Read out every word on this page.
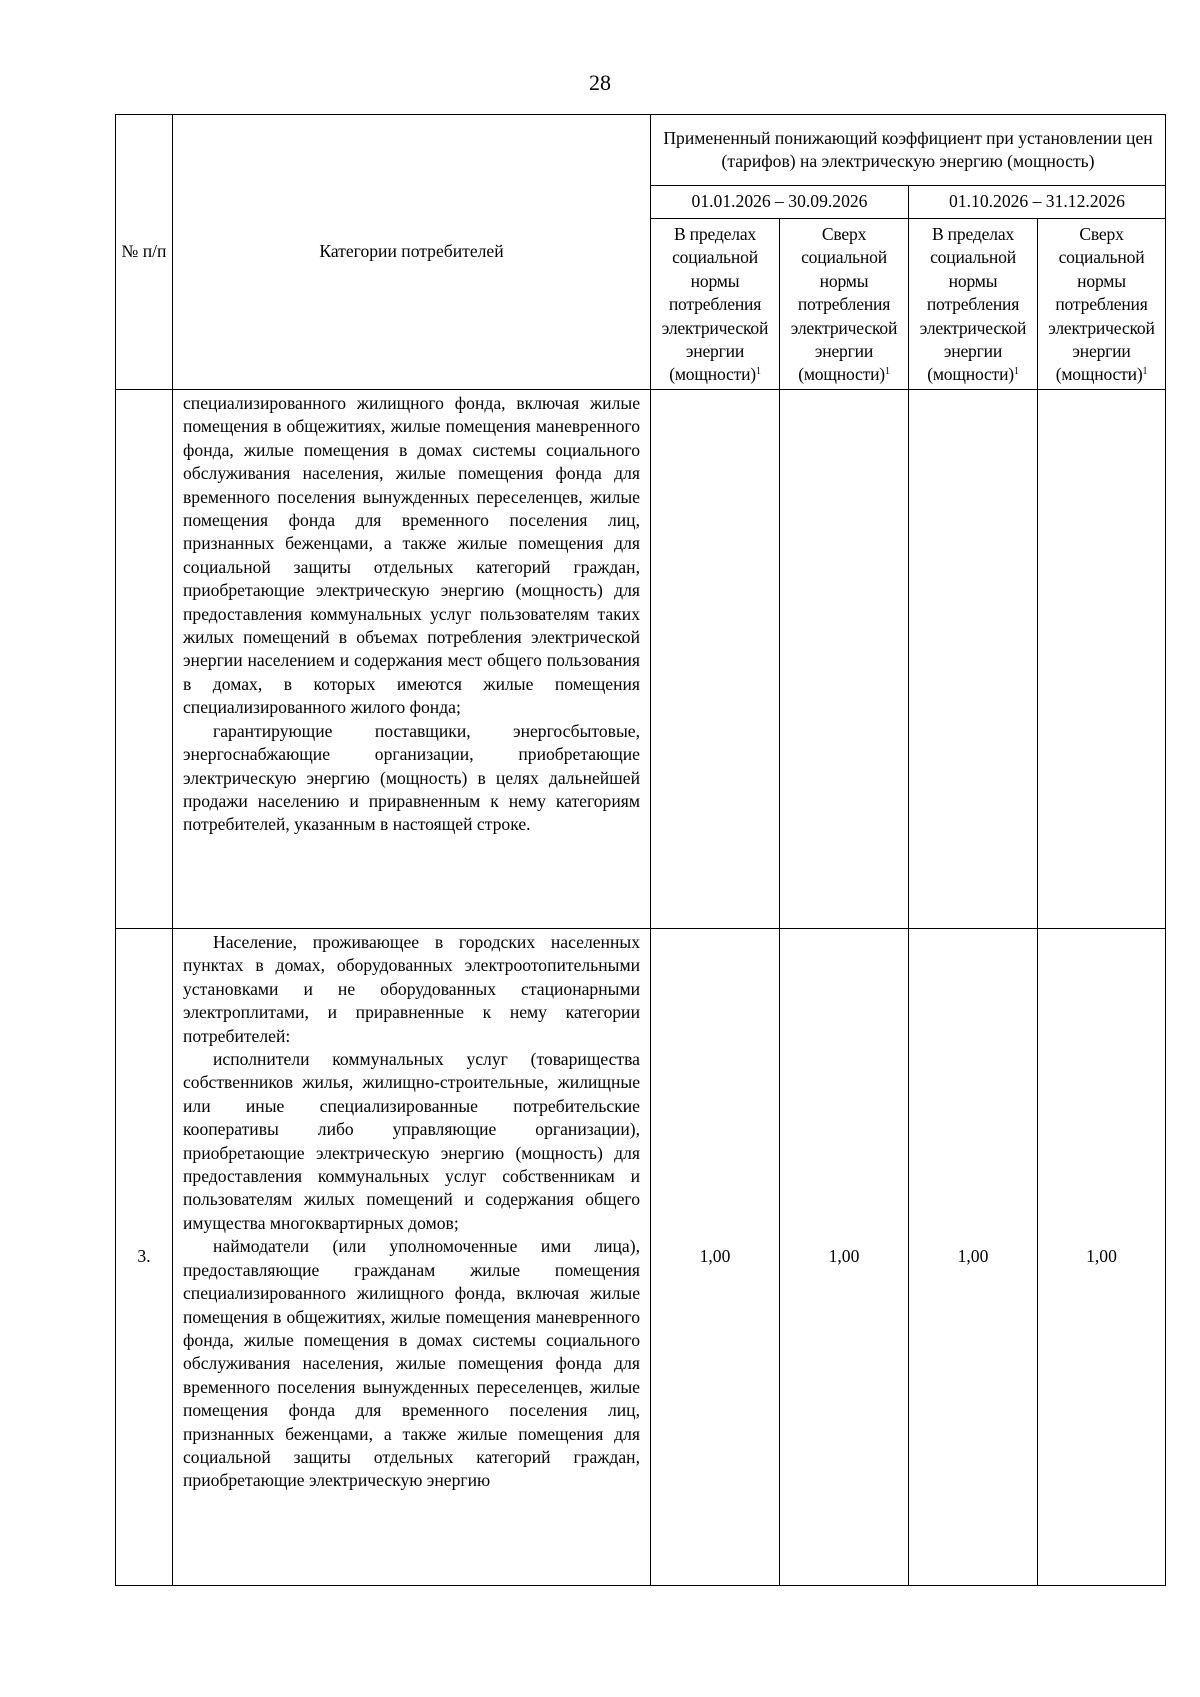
28
№ п/п	Категории потребителей	Примененный понижающий коэффициент при установлении цен (тарифов) на электрическую энергию (мощность)			
		01.01.2026 – 30.09.2026		01.10.2026 – 31.12.2026	
		В пределах социальной нормы потребления электрической энергии (мощности)$^1$	Сверх социальной нормы потребления электрической энергии (мощности)$^1$	В пределах социальной нормы потребления электрической энергии (мощности)$^1$	Сверх социальной нормы потребления электрической энергии (мощности)$^1$

	специализированного жилищного фонда, включая жилые помещения в общежитиях, жилые помещения маневренного фонда, жилые помещения в домах системы социального обслуживания населения, жилые помещения фонда для временного поселения вынужденных переселенцев, жилые помещения фонда для временного поселения лиц, признанных беженцами, а также жилые помещения для социальной защиты отдельных категорий граждан, приобретающие электрическую энергию (мощность) для предоставления коммунальных услуг пользователям таких жилых помещений в объемах потребления электрической энергии населением и содержания мест общего пользования в домах, в которых имеются жилые помещения специализированного жилого фонда;

гарантирующие поставщики, энергосбытовые, энергоснабжающие организации, приобретающие электрическую энергию (мощность) в целях дальнейшей продажи населению и приравненным к нему категориям потребителей, указанным в настоящей строке.				

3.	Население, проживающее в городских населенных пунктах в домах, оборудованных электроотопительными установками и не оборудованных стационарными электроплитами, и приравненные к нему категории потребителей:

исполнители коммунальных услуг (товарищества собственников жилья, жилищно-строительные, жилищные или иные специализированные потребительские кооперативы либо управляющие организации), приобретающие электрическую энергию (мощность) для предоставления коммунальных услуг собственникам и пользователям жилых помещений и содержания общего имущества многоквартирных домов;

наймодатели (или уполномоченные ими лица), предоставляющие гражданам жилые помещения специализированного жилищного фонда, включая жилые помещения в общежитиях, жилые помещения маневренного фонда, жилые помещения в домах системы социального обслуживания населения, жилые помещения фонда для временного поселения вынужденных переселенцев, жилые помещения фонда для временного поселения лиц, признанных беженцами, а также жилые помещения для социальной защиты отдельных категорий граждан, приобретающие электрическую энергию	1,00	1,00	1,00	1,00
